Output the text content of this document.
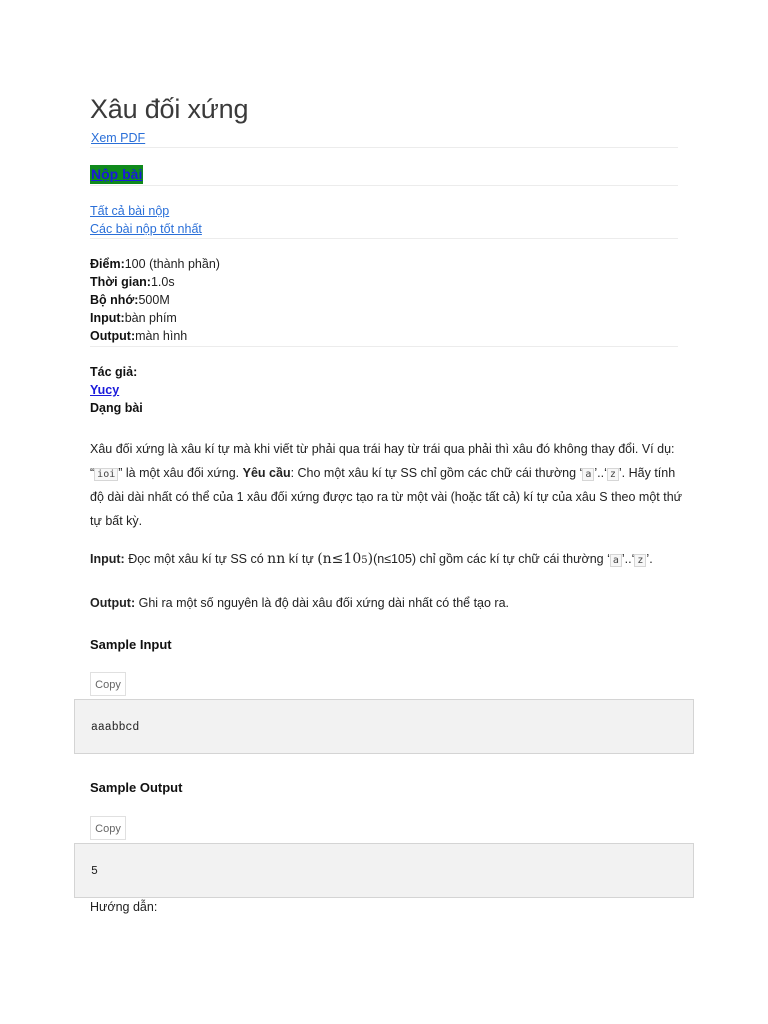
Xâu đối xứng
Xem PDF
Nộp bài
Tất cả bài nộp
Các bài nộp tốt nhất
Điểm:100 (thành phần)
Thời gian:1.0s
Bộ nhớ:500M
Input:bàn phím
Output:màn hình
Tác giả:
Yucy
Dạng bài
Xâu đối xứng là xâu kí tự mà khi viết từ phải qua trái hay từ trái qua phải thì xâu đó không thay đổi. Ví dụ: “ ioi ” là một xâu đối xứng. Yêu cầu: Cho một xâu kí tự SS chỉ gồm các chữ cái thường ‘ a ’..‘ z ’. Hãy tính độ dài dài nhất có thể của 1 xâu đối xứng được tạo ra từ một vài (hoặc tất cả) kí tự của xâu S theo một thứ tự bất kỳ.
Input: Đọc một xâu kí tự SS có nn kí tự (n≤105)(n≤105) chỉ gồm các kí tự chữ cái thường ‘ a ’..‘ z ’.
Output: Ghi ra một số nguyên là độ dài xâu đối xứng dài nhất có thể tạo ra.
Sample Input
Copy
aaabbcd
Sample Output
Copy
5
Hướng dẫn:
